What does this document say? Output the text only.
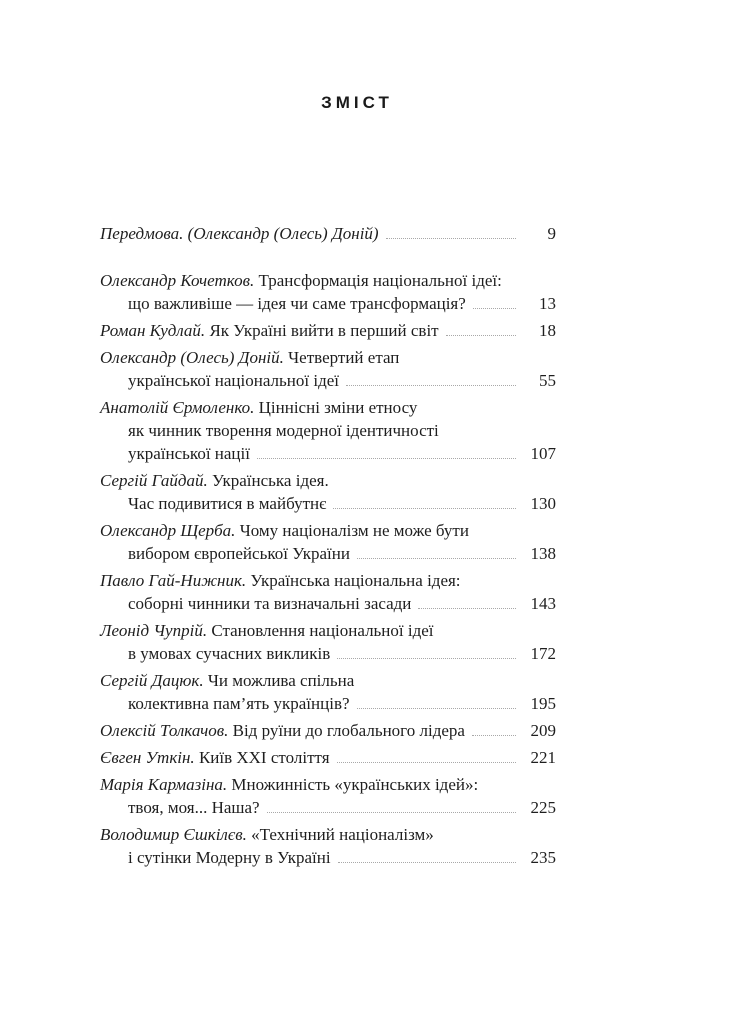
ЗМІСТ
Передмова. (Олександр (Олесь) Доній)	9
Олександр Кочетков. Трансформація національної ідеї:
що важливіше — ідея чи саме трансформація?	13
Роман Кудлай. Як Україні вийти в перший світ	18
Олександр (Олесь) Доній. Четвертий етап
української національної ідеї	55
Анатолій Єрмоленко. Ціннісні зміни етносу
як чинник творення модерної ідентичності
української нації	107
Сергій Гайдай. Українська ідея.
Час подивитися в майбутнє	130
Олександр Щерба. Чому націоналізм не може бути
вибором європейської України	138
Павло Гай-Нижник. Українська національна ідея:
соборні чинники та визначальні засади	143
Леонід Чупрій. Становлення національної ідеї
в умовах сучасних викликів	172
Сергій Дацюк. Чи можлива спільна
колективна пам’ять українців?	195
Олексій Толкачов. Від руїни до глобального лідера	209
Євген Уткін. Київ XXI століття	221
Марія Кармазіна. Множинність «українських ідей»:
твоя, моя... Наша?	225
Володимир Єшкілєв. «Технічний націоналізм»
і сутінки Модерну в Україні	235
